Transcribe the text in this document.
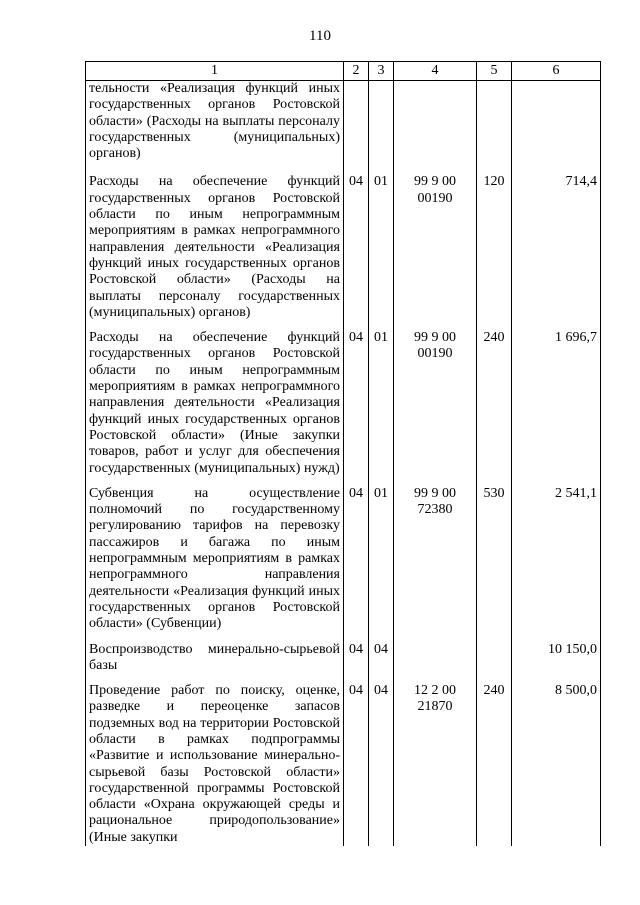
110
1	2	3	4	5	6
тельности «Реализация функций иных государственных органов Ростовской области» (Расходы на выплаты персоналу государственных (муниципальных) органов)					
Расходы на обеспечение функций государственных органов Ростовской области по иным непрограммным мероприятиям в рамках непрограммного направления деятельности «Реализация функций иных государственных органов Ростовской области» (Расходы на выплаты персоналу государственных (муниципальных) органов)	04	01	99 9 00 00190	120	714,4
Расходы на обеспечение функций государственных органов Ростовской области по иным непрограммным мероприятиям в рамках непрограммного направления деятельности «Реализация функций иных государственных органов Ростовской области» (Иные закупки товаров, работ и услуг для обеспечения государственных (муниципальных) нужд)	04	01	99 9 00 00190	240	1 696,7
Субвенция на осуществление полномочий по государственному регулированию тарифов на перевозку пассажиров и багажа по иным непрограммным мероприятиям в рамках непрограммного направления деятельности «Реализация функций иных государственных органов Ростовской области» (Субвенции)	04	01	99 9 00 72380	530	2 541,1
Воспроизводство минерально-сырьевой базы	04	04			10 150,0
Проведение работ по поиску, оценке, разведке и переоценке запасов подземных вод на территории Ростовской области в рамках подпрограммы «Развитие и использование минерально-сырьевой базы Ростовской области» государственной программы Ростовской области «Охрана окружающей среды и рациональное природопользование» (Иные закупки	04	04	12 2 00 21870	240	8 500,0
